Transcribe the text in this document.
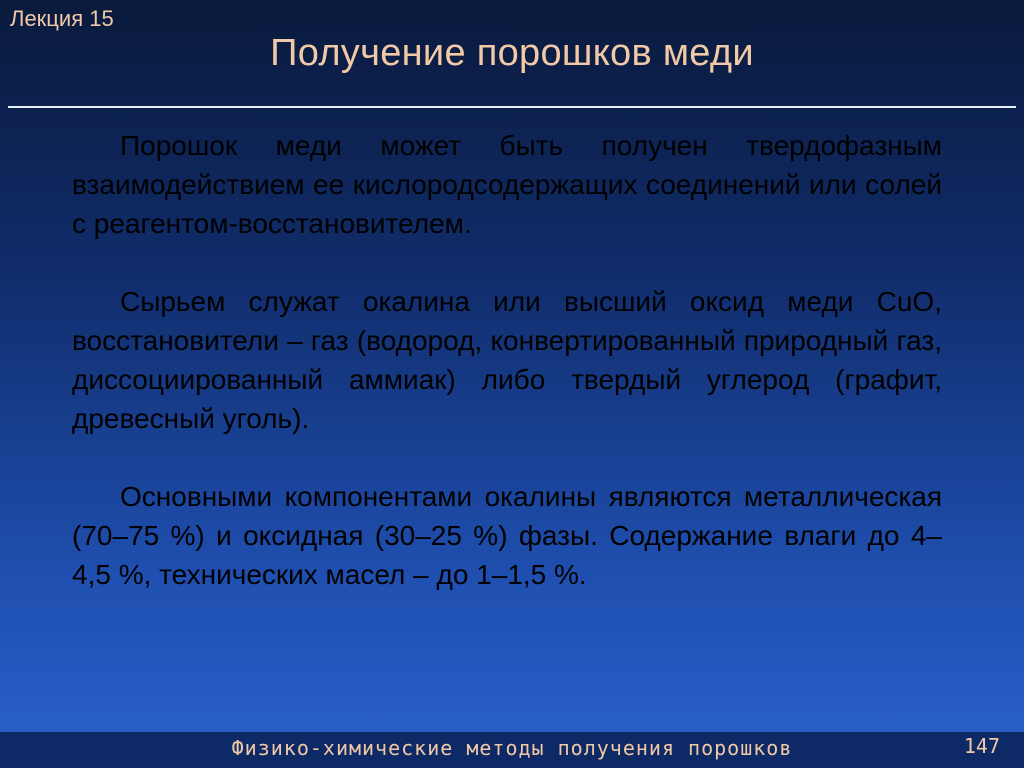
Лекция 15
Получение порошков меди

Порошок меди может быть получен твердофазным взаимодействием ее кислородсодержащих соединений или солей с реагентом-восстановителем.

Сырьем служат окалина или высший оксид меди CuO, восстановители – газ (водород, конвертированный природный газ, диссоциированный аммиак) либо твердый углерод (графит, древесный уголь).

Основными компонентами окалины являются металлическая (70–75 %) и оксидная (30–25 %) фазы. Содержание влаги до 4–4,5 %, технических масел – до 1–1,5 %.

Физико-химические методы получения порошков	147
